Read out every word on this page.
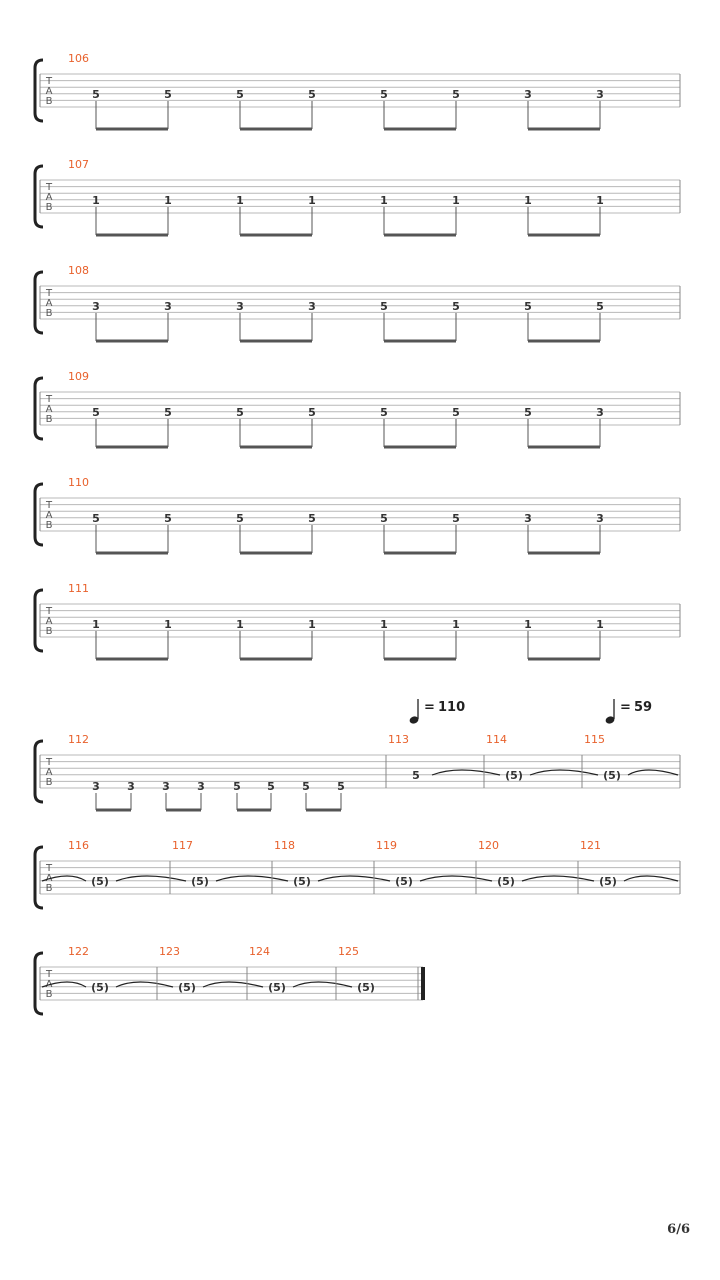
T
A
B
106
5	5	5	5	5	5	3	3
T
A
B
107
1	1	1	1	1	1	1	1
T
A
B
108
3	3	3	3	5	5	5	5
T
A
B
109
5	5	5	5	5	5	5	3
T
A
B
110
5	5	5	5	5	5	3	3
T
A
B
111
1	1	1	1	1	1	1	1
T
A
B
112
3 3 3 3	5 5 5 5
113
5
114
(5)
115
(5)
T
A
B
116
(5)
117
(5)
118
(5)
119
(5)
120
(5)
121
(5)
T
A
B
122
(5)
123
(5)
124
(5)
125
(5)
= 110	= 59
6/6
